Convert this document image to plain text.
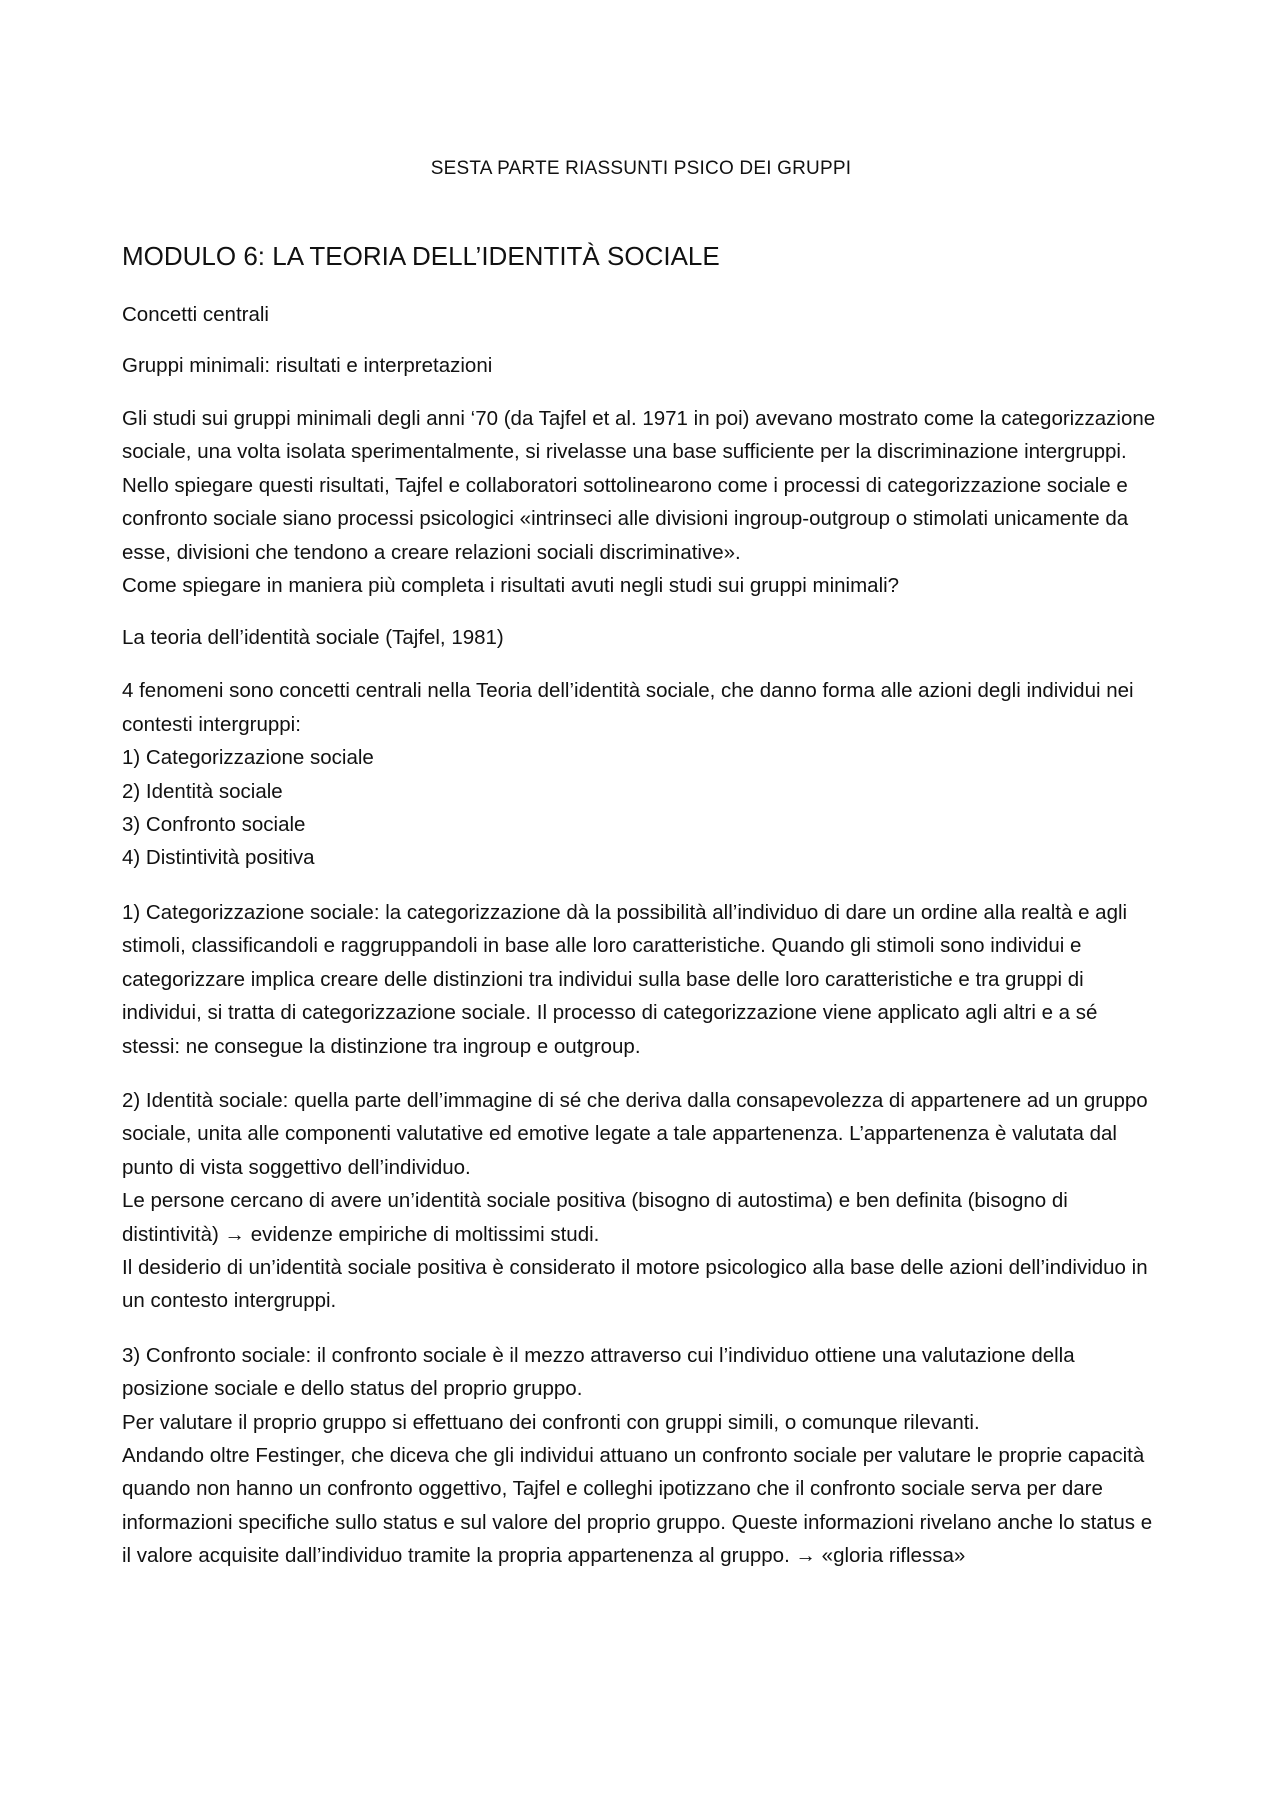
SESTA PARTE RIASSUNTI PSICO DEI GRUPPI
MODULO 6: LA TEORIA DELL’IDENTITÀ SOCIALE
Concetti centrali
Gruppi minimali: risultati e interpretazioni
Gli studi sui gruppi minimali degli anni ‘70 (da Tajfel et al. 1971 in poi) avevano mostrato come la categorizzazione sociale, una volta isolata sperimentalmente, si rivelasse una base sufficiente per la discriminazione intergruppi.
Nello spiegare questi risultati, Tajfel e collaboratori sottolinearono come i processi di categorizzazione sociale e confronto sociale siano processi psicologici «intrinseci alle divisioni ingroup-outgroup o stimolati unicamente da esse, divisioni che tendono a creare relazioni sociali discriminative».
Come spiegare in maniera più completa i risultati avuti negli studi sui gruppi minimali?
La teoria dell’identità sociale (Tajfel, 1981)
4 fenomeni sono concetti centrali nella Teoria dell’identità sociale, che danno forma alle azioni degli individui nei contesti intergruppi:
1) Categorizzazione sociale
2) Identità sociale
3) Confronto sociale
4) Distintività positiva
1) Categorizzazione sociale: la categorizzazione dà la possibilità all’individuo di dare un ordine alla realtà e agli stimoli, classificandoli e raggruppandoli in base alle loro caratteristiche. Quando gli stimoli sono individui e categorizzare implica creare delle distinzioni tra individui sulla base delle loro caratteristiche e tra gruppi di individui, si tratta di categorizzazione sociale. Il processo di categorizzazione viene applicato agli altri e a sé stessi: ne consegue la distinzione tra ingroup e outgroup.
2) Identità sociale: quella parte dell’immagine di sé che deriva dalla consapevolezza di appartenere ad un gruppo sociale, unita alle componenti valutative ed emotive legate a tale appartenenza. L’appartenenza è valutata dal punto di vista soggettivo dell’individuo.
Le persone cercano di avere un’identità sociale positiva (bisogno di autostima) e ben definita (bisogno di distintività) → evidenze empiriche di moltissimi studi.
Il desiderio di un’identità sociale positiva è considerato il motore psicologico alla base delle azioni dell’individuo in un contesto intergruppi.
3) Confronto sociale: il confronto sociale è il mezzo attraverso cui l’individuo ottiene una valutazione della posizione sociale e dello status del proprio gruppo.
Per valutare il proprio gruppo si effettuano dei confronti con gruppi simili, o comunque rilevanti.
Andando oltre Festinger, che diceva che gli individui attuano un confronto sociale per valutare le proprie capacità quando non hanno un confronto oggettivo, Tajfel e colleghi ipotizzano che il confronto sociale serva per dare informazioni specifiche sullo status e sul valore del proprio gruppo. Queste informazioni rivelano anche lo status e il valore acquisite dall’individuo tramite la propria appartenenza al gruppo. → «gloria riflessa»
